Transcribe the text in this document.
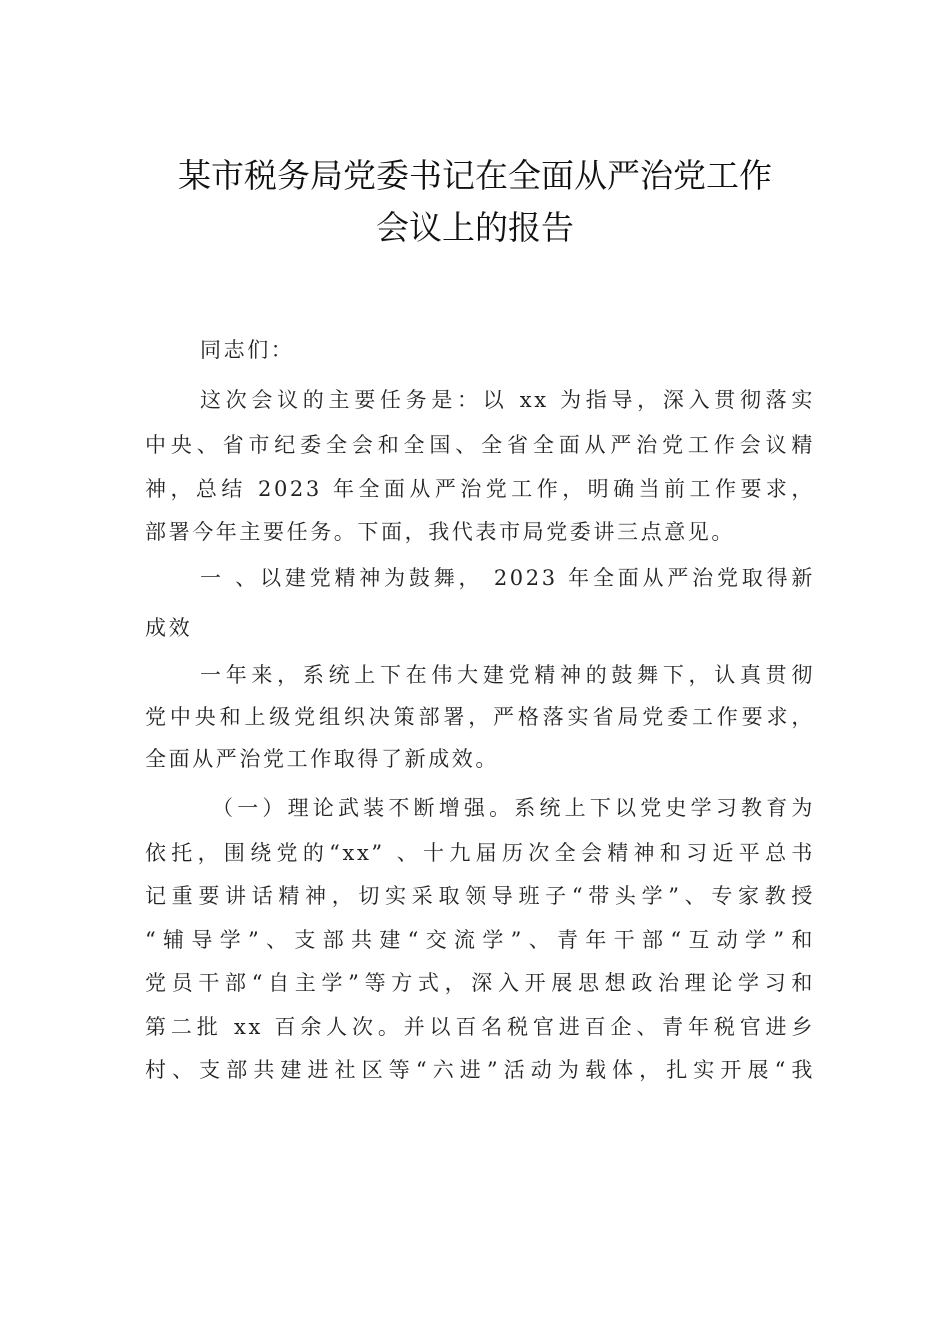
某市税务局党委书记在全面从严治党工作
会议上的报告

同志们：

这次会议的主要任务是：以 xx 为指导，深入贯彻落实

中央、省市纪委全会和全国、全省全面从严治党工作会议精

神，总结 2023 年全面从严治党工作，明确当前工作要求，

部署今年主要任务。下面，我代表市局党委讲三点意见。

一 、以建党精神为鼓舞， 2023 年全面从严治党取得新

成效

一年来，系统上下在伟大建党精神的鼓舞下，认真贯彻

党中央和上级党组织决策部署，严格落实省局党委工作要求，

全面从严治党工作取得了新成效。

（一）理论武装不断增强。系统上下以党史学习教育为

依托，围绕党的“xx” 、十九届历次全会精神和习近平总书

记重要讲话精神，切实采取领导班子“带头学”、专家教授

“辅导学”、支部共建“交流学”、青年干部“互动学”和

党员干部“自主学”等方式，深入开展思想政治理论学习和

第二批 xx 百余人次。并以百名税官进百企、青年税官进乡

村、支部共建进社区等“六进”活动为载体，扎实开展“我
